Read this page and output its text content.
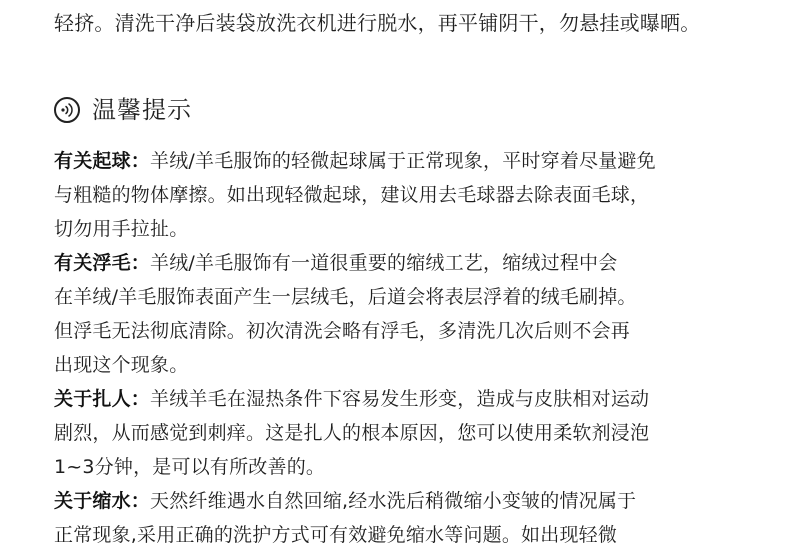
轻挤。清洗干净后装袋放洗衣机进行脱水，再平铺阴干，勿悬挂或曝晒。
温馨提示
有关起球：羊绒/羊毛服饰的轻微起球属于正常现象，平时穿着尽量避免
与粗糙的物体摩擦。如出现轻微起球，建议用去毛球器去除表面毛球，
切勿用手拉扯。
有关浮毛：羊绒/羊毛服饰有一道很重要的缩绒工艺，缩绒过程中会
在羊绒/羊毛服饰表面产生一层绒毛，后道会将表层浮着的绒毛刷掉。
但浮毛无法彻底清除。初次清洗会略有浮毛，多清洗几次后则不会再
出现这个现象。
关于扎人：羊绒羊毛在湿热条件下容易发生形变，造成与皮肤相对运动
剧烈，从而感觉到刺痒。这是扎人的根本原因，您可以使用柔软剂浸泡
1~3分钟，是可以有所改善的。
关于缩水：天然纤维遇水自然回缩,经水洗后稍微缩小变皱的情况属于
正常现象,采用正确的洗护方式可有效避免缩水等问题。如出现轻微
